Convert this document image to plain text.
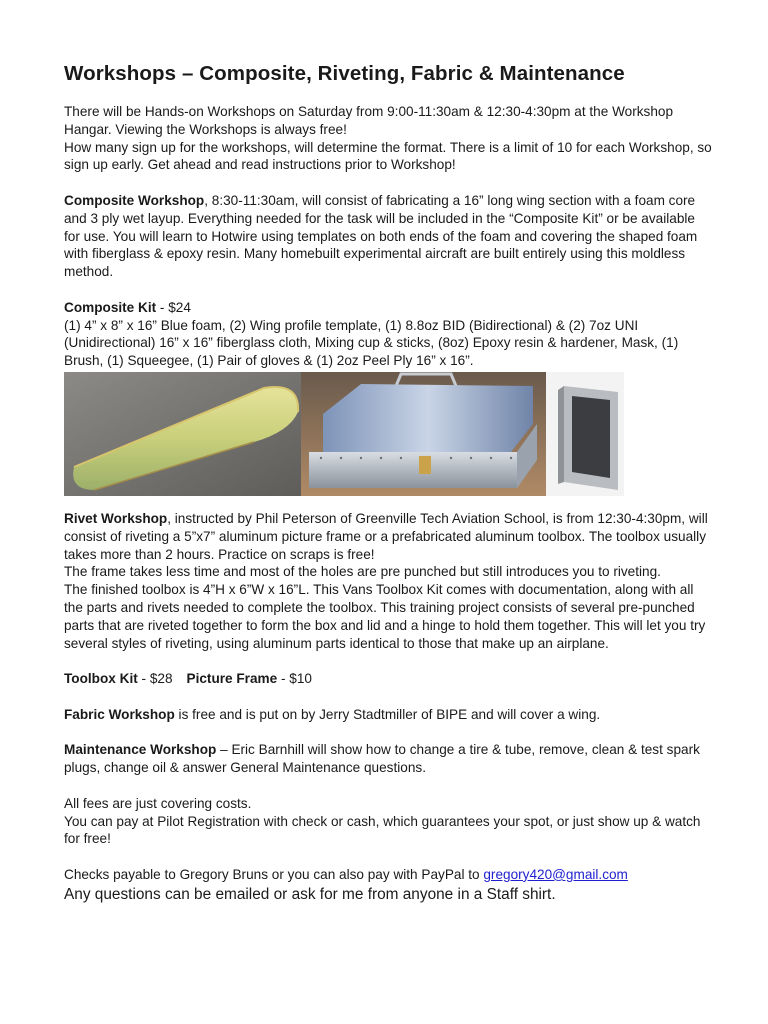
Workshops – Composite, Riveting, Fabric & Maintenance

There will be Hands-on Workshops on Saturday from 9:00-11:30am & 12:30-4:30pm at the Workshop Hangar. Viewing the Workshops is always free!

How many sign up for the workshops, will determine the format. There is a limit of 10 for each Workshop, so sign up early. Get ahead and read instructions prior to Workshop!

Composite Workshop, 8:30-11:30am, will consist of fabricating a 16” long wing section with a foam core and 3 ply wet layup. Everything needed for the task will be included in the “Composite Kit” or be available for use. You will learn to Hotwire using templates on both ends of the foam and covering the shaped foam with fiberglass & epoxy resin. Many homebuilt experimental aircraft are built entirely using this moldless method.

Composite Kit - $24

(1) 4” x 8” x 16” Blue foam, (2) Wing profile template, (1) 8.8oz BID (Bidirectional) & (2) 7oz UNI (Unidirectional) 16” x 16” fiberglass cloth, Mixing cup & sticks, (8oz) Epoxy resin & hardener, Mask, (1) Brush, (1) Squeegee, (1) Pair of gloves & (1) 2oz Peel Ply 16” x 16”.

Rivet Workshop, instructed by Phil Peterson of Greenville Tech Aviation School, is from 12:30-4:30pm, will consist of riveting a 5”x7” aluminum picture frame or a prefabricated aluminum toolbox. The toolbox usually takes more than 2 hours. Practice on scraps is free!

The frame takes less time and most of the holes are pre punched but still introduces you to riveting.

The finished toolbox is 4”H x 6”W x 16”L. This Vans Toolbox Kit comes with documentation, along with all the parts and rivets needed to complete the toolbox. This training project consists of several pre-punched parts that are riveted together to form the box and lid and a hinge to hold them together. This will let you try several styles of riveting, using aluminum parts identical to those that make up an airplane.

Toolbox Kit - $28 Picture Frame - $10

Fabric Workshop is free and is put on by Jerry Stadtmiller of BIPE and will cover a wing.

Maintenance Workshop – Eric Barnhill will show how to change a tire & tube, remove, clean & test spark plugs, change oil & answer General Maintenance questions.

All fees are just covering costs.

You can pay at Pilot Registration with check or cash, which guarantees your spot, or just show up & watch for free!

Checks payable to Gregory Bruns or you can also pay with PayPal to gregory420@gmail.com

Any questions can be emailed or ask for me from anyone in a Staff shirt.
